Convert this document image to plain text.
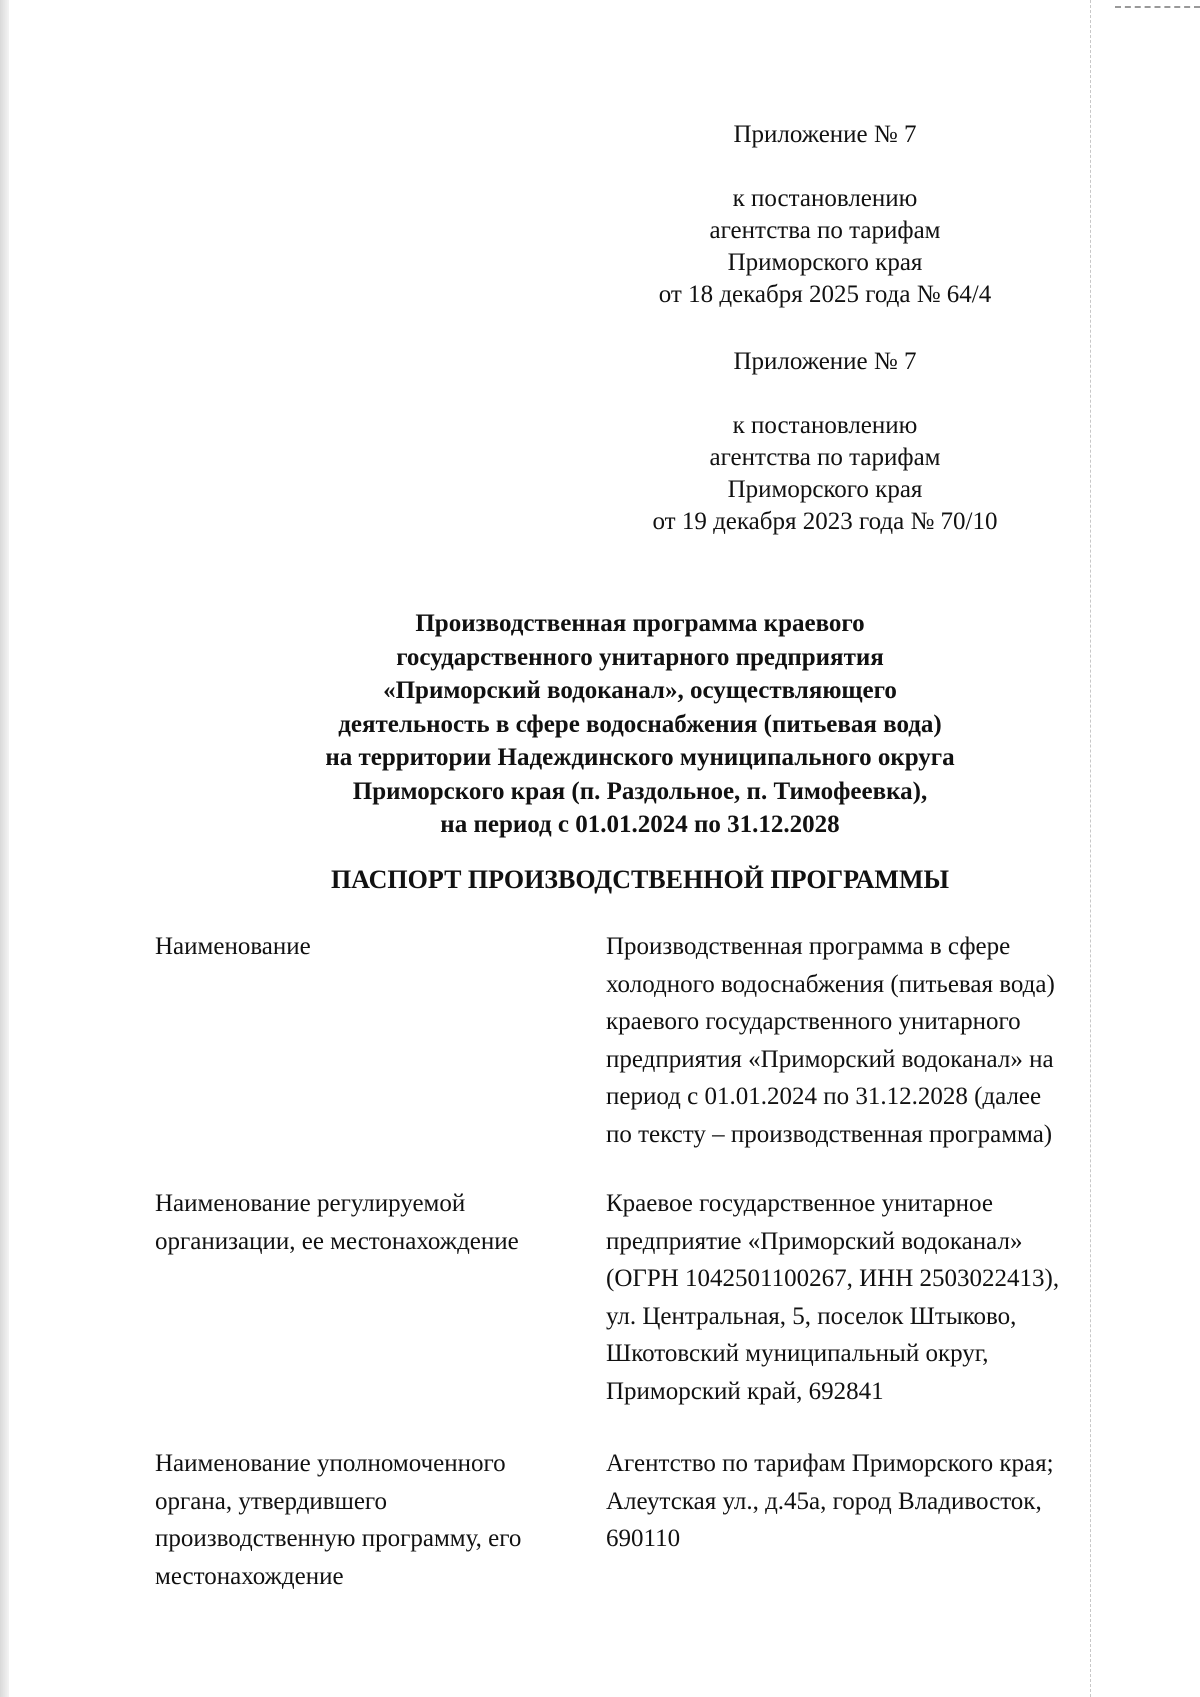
Приложение № 7
к постановлению
агентства по тарифам
Приморского края
от 18 декабря 2025 года № 64/4
Приложение № 7
к постановлению
агентства по тарифам
Приморского края
от 19 декабря 2023 года № 70/10
Производственная программа краевого
государственного унитарного предприятия
«Приморский водоканал», осуществляющего
деятельность в сфере водоснабжения (питьевая вода)
на территории Надеждинского муниципального округа
Приморского края (п. Раздольное, п. Тимофеевка),
на период с 01.01.2024 по 31.12.2028
ПАСПОРТ ПРОИЗВОДСТВЕННОЙ ПРОГРАММЫ
Наименование	Производственная программа в сфере
холодного водоснабжения (питьевая вода)
краевого государственного унитарного
предприятия «Приморский водоканал» на
период с 01.01.2024 по 31.12.2028 (далее
по тексту – производственная программа)
Наименование регулируемой
организации, ее местонахождение
Краевое государственное унитарное
предприятие «Приморский водоканал»
(ОГРН 1042501100267, ИНН 2503022413),
ул. Центральная, 5, поселок Штыково,
Шкотовский муниципальный округ,
Приморский край, 692841
Наименование уполномоченного
органа, утвердившего
производственную программу, его
местонахождение
Агентство по тарифам Приморского края;
Алеутская ул., д.45а, город Владивосток,
690110
